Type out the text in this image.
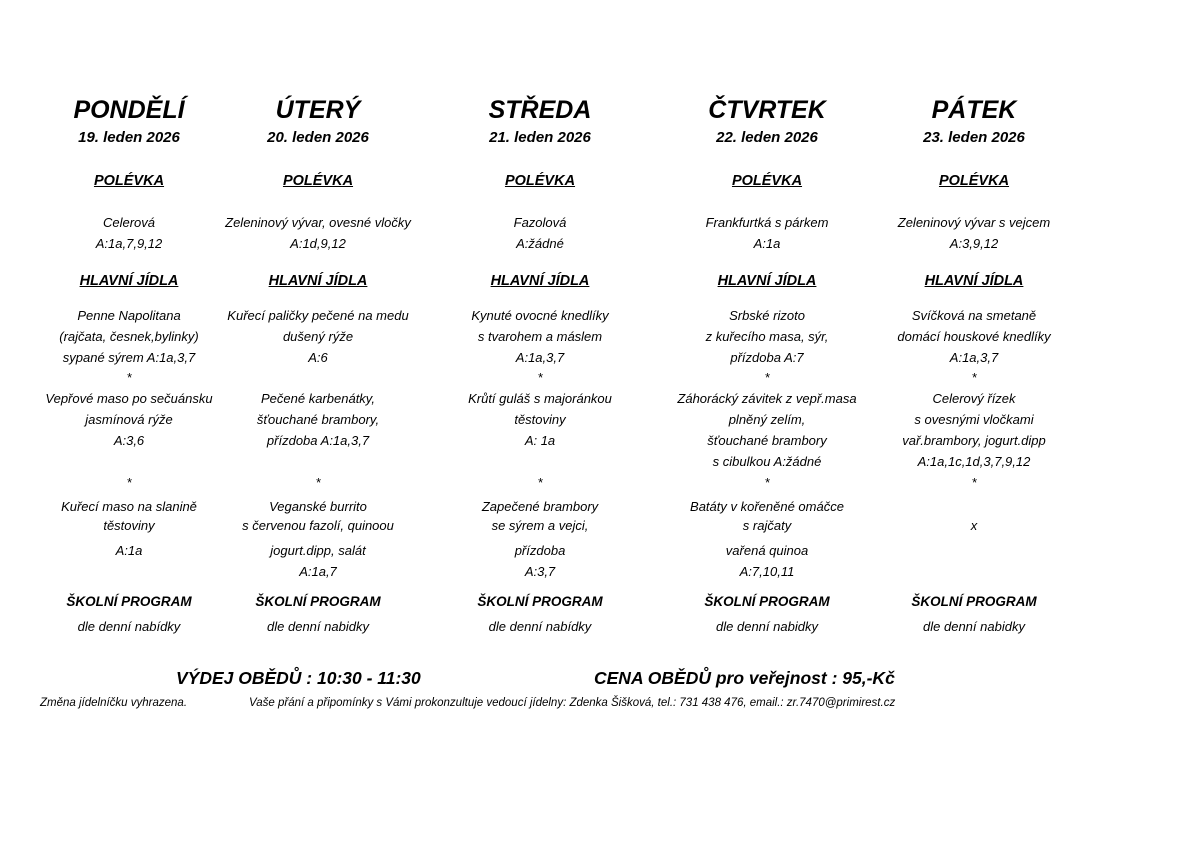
PONDĚLÍ
19. leden 2026
POLÉVKA
Celerová
A:1a,7,9,12
HLAVNÍ JÍDLA
Penne Napolitana
(rajčata, česnek,bylinky)
sypané sýrem A:1a,3,7
*
Vepřové maso po sečuánsku
jasmínová rýže
A:3,6
*
Kuřecí maso na slanině
těstoviny
A:1a
ŠKOLNÍ PROGRAM
dle denní nabídky
ÚTERÝ
20. leden 2026
POLÉVKA
Zeleninový vývar, ovesné vločky
A:1d,9,12
HLAVNÍ JÍDLA
Kuřecí paličky pečené na medu
dušený rýže
A:6
Pečené karbenátky,
šťouchané brambory,
přízdoba A:1a,3,7
*
Veganské burrito
s červenou fazolí, quinoou
jogurt.dipp, salát
A:1a,7
ŠKOLNÍ PROGRAM
dle denní nabidky
STŘEDA
21. leden 2026
POLÉVKA
Fazolová
A:žádné
HLAVNÍ JÍDLA
Kynuté ovocné knedlíky
s tvarohem a máslem
A:1a,3,7
*
Krůtí guláš s majoránkou
těstoviny
A: 1a
*
Zapečené brambory
se sýrem a vejci,
přízdoba
A:3,7
ŠKOLNÍ PROGRAM
dle denní nabídky
ČTVRTEK
22. leden 2026
POLÉVKA
Frankfurtká s párkem
A:1a
HLAVNÍ JÍDLA
Srbské rizoto
z kuřecího masa, sýr,
přízdoba A:7
*
Záhorácký závitek z vepř.masa
plněný zelím,
šťouchané brambory
s cibulkou A:žádné
*
Batáty v kořeněné omáčce
s rajčaty
vařená quinoa
A:7,10,11
ŠKOLNÍ PROGRAM
dle denní nabidky
PÁTEK
23. leden 2026
POLÉVKA
Zeleninový vývar s vejcem
A:3,9,12
HLAVNÍ JÍDLA
Svíčková na smetaně
domácí houskové knedlíky
A:1a,3,7
*
Celerový řízek
s ovesnými vločkami
vař.brambory, jogurt.dipp
A:1a,1c,1d,3,7,9,12
*
x
ŠKOLNÍ PROGRAM
dle denní nabidky
VÝDEJ OBĚDŮ : 10:30 - 11:30	CENA OBĚDŮ pro veřejnost : 95,-Kč
Změna jídelníčku vyhrazena.	Vaše přání a připomínky s Vámi prokonzultuje vedoucí jídelny: Zdenka Šišková, tel.: 731 438 476, email.: zr.7470@primirest.cz
